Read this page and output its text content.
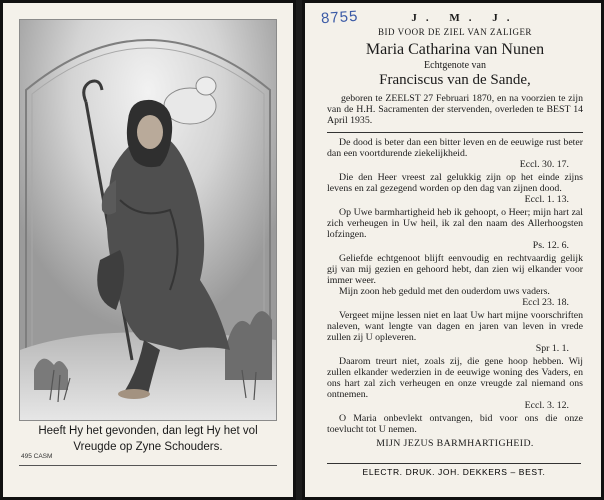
Heeft Hy het gevonden, dan legt Hy het vol
Vreugde op Zyne Schouders.
495 CASM
8755	J. M. J.
BID VOOR DE ZIEL VAN ZALIGER
Maria Catharina van Nunen
Echtgenote van
Franciscus van de Sande,

geboren te ZEELST 27 Februari 1870, en na voorzien te zijn van de H.H. Sacramenten der stervenden, overleden te BEST 14 April 1935.

De dood is beter dan een bitter leven en de eeuwige rust beter dan een voortdurende ziekelijkheid.

Eccl. 30. 17.

Die den Heer vreest zal gelukkig zijn op het einde zijns levens en zal gezegend worden op den dag van zijnen dood.

Eccl. 1. 13.

Op Uwe barmhartigheid heb ik gehoopt, o Heer; mijn hart zal zich verheugen in Uw heil, ik zal den naam des Allerhoogsten lofzingen.

Ps. 12. 6.

Geliefde echtgenoot blijft eenvoudig en rechtvaardig gelijk gij van mij gezien en gehoord hebt, dan zien wij elkander voor immer weer.

Mijn zoon heb geduld met den ouderdom uws vaders.

Eccl 23. 18.

Vergeet mijne lessen niet en laat Uw hart mijne voorschriften naleven, want lengte van dagen en jaren van leven in vrede zullen zij U opleveren.

Spr 1. 1.

Daarom treurt niet, zoals zij, die gene hoop hebben. Wij zullen elkander wederzien in de eeuwige woning des Vaders, en ons hart zal zich verheugen en onze vreugde zal niemand ons ontnemen.

Eccl. 3. 12.

O Maria onbevlekt ontvangen, bid voor ons die onze toevlucht tot U nemen.

MIJN JEZUS BARMHARTIGHEID.
ELECTR. DRUK. JOH. DEKKERS – BEST.
